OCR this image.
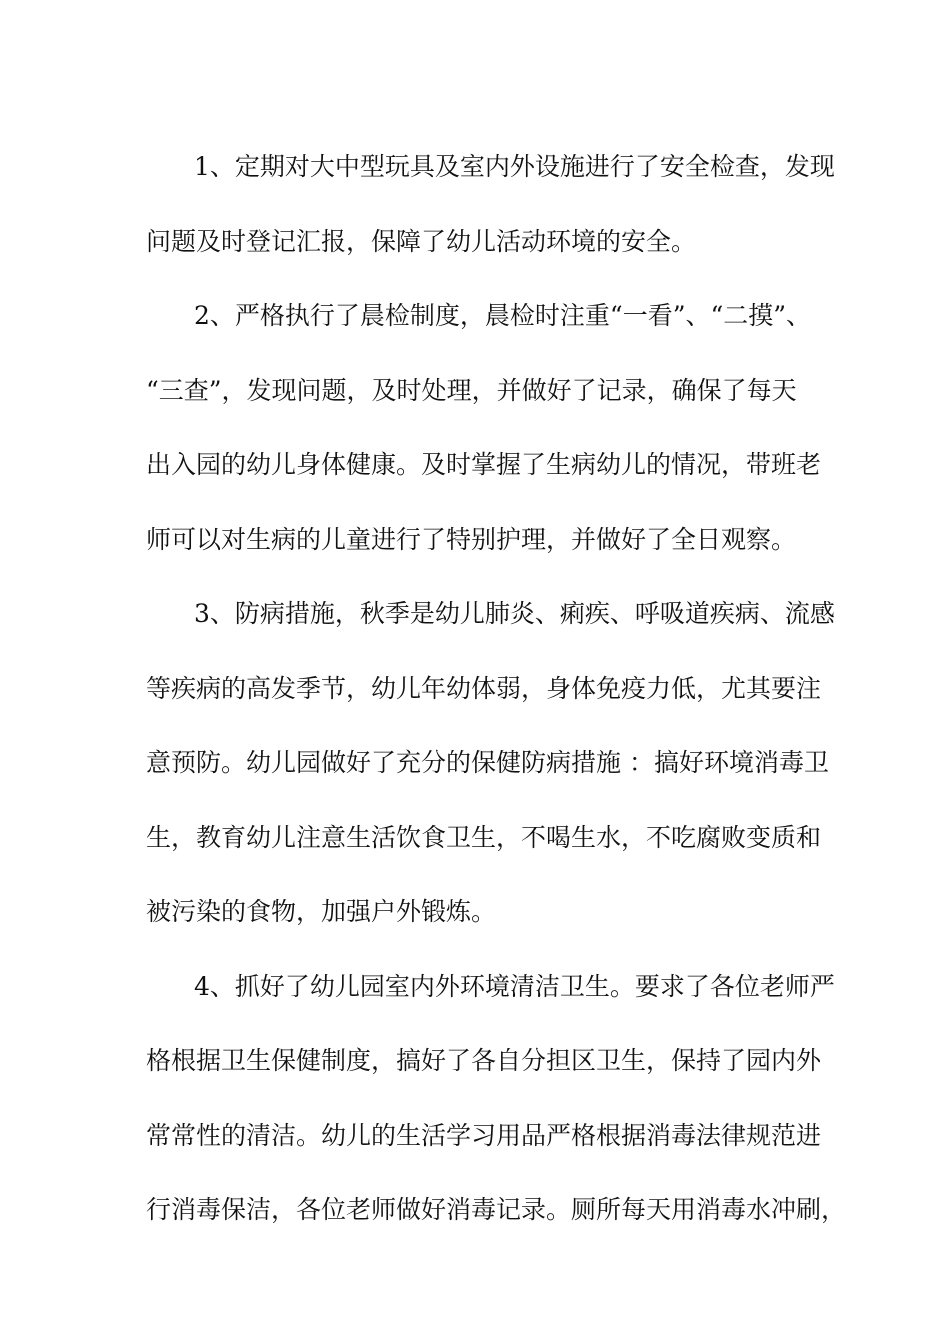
1、定期对大中型玩具及室内外设施进行了安全检查，发现
问题及时登记汇报，保障了幼儿活动环境的安全。
2、严格执行了晨检制度，晨检时注重“一看”、“二摸”、
“三查”，发现问题，及时处理，并做好了记录，确保了每天
出入园的幼儿身体健康。及时掌握了生病幼儿的情况，带班老
师可以对生病的儿童进行了特别护理，并做好了全日观察。
3、防病措施，秋季是幼儿肺炎、痢疾、呼吸道疾病、流感
等疾病的高发季节，幼儿年幼体弱，身体免疫力低，尤其要注
意预防。幼儿园做好了充分的保健防病措施 ：搞好环境消毒卫
生，教育幼儿注意生活饮食卫生，不喝生水，不吃腐败变质和
被污染的食物，加强户外锻炼。
4、抓好了幼儿园室内外环境清洁卫生。要求了各位老师严
格根据卫生保健制度，搞好了各自分担区卫生，保持了园内外
常常性的清洁。幼儿的生活学习用品严格根据消毒法律规范进
行消毒保洁，各位老师做好消毒记录。厕所每天用消毒水冲刷，
